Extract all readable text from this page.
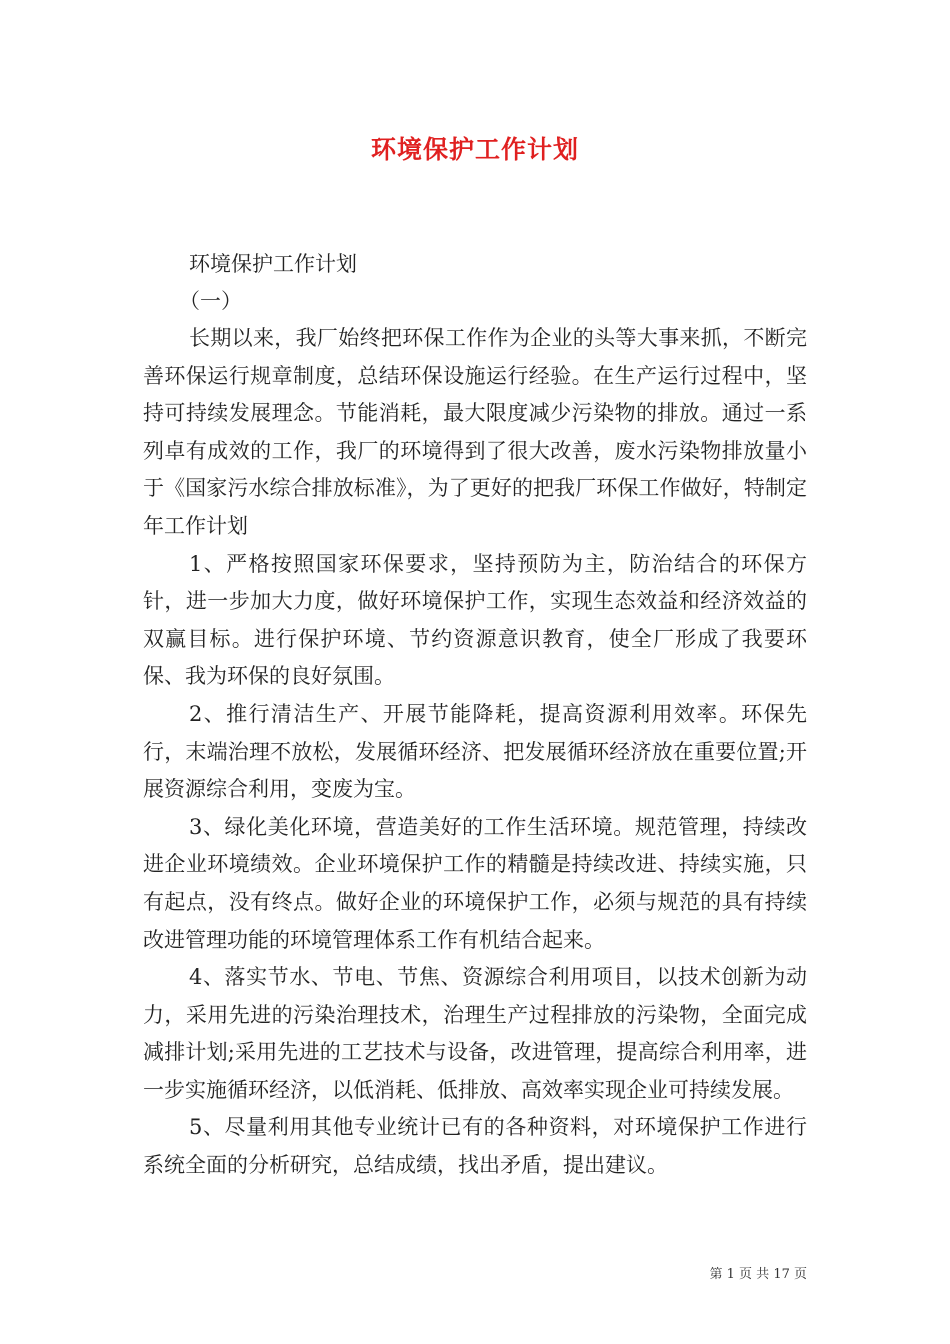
环境保护工作计划
环境保护工作计划
（一）

长期以来，我厂始终把环保工作作为企业的头等大事来抓，不断完善环保运行规章制度，总结环保设施运行经验。在生产运行过程中，坚持可持续发展理念。节能消耗，最大限度减少污染物的排放。通过一系列卓有成效的工作，我厂的环境得到了很大改善，废水污染物排放量小于《国家污水综合排放标准》，为了更好的把我厂环保工作做好，特制定年工作计划

1、严格按照国家环保要求，坚持预防为主，防治结合的环保方针，进一步加大力度，做好环境保护工作，实现生态效益和经济效益的双赢目标。进行保护环境、节约资源意识教育，使全厂形成了我要环保、我为环保的良好氛围。

2、推行清洁生产、开展节能降耗，提高资源利用效率。环保先行，末端治理不放松，发展循环经济、把发展循环经济放在重要位置;开展资源综合利用，变废为宝。

3、绿化美化环境，营造美好的工作生活环境。规范管理，持续改进企业环境绩效。企业环境保护工作的精髓是持续改进、持续实施，只有起点，没有终点。做好企业的环境保护工作，必须与规范的具有持续改进管理功能的环境管理体系工作有机结合起来。

4、落实节水、节电、节焦、资源综合利用项目，以技术创新为动力，采用先进的污染治理技术，治理生产过程排放的污染物，全面完成减排计划;采用先进的工艺技术与设备，改进管理，提高综合利用率，进一步实施循环经济，以低消耗、低排放、高效率实现企业可持续发展。

5、尽量利用其他专业统计已有的各种资料，对环境保护工作进行系统全面的分析研究，总结成绩，找出矛盾，提出建议。

第 1 页 共 17 页
